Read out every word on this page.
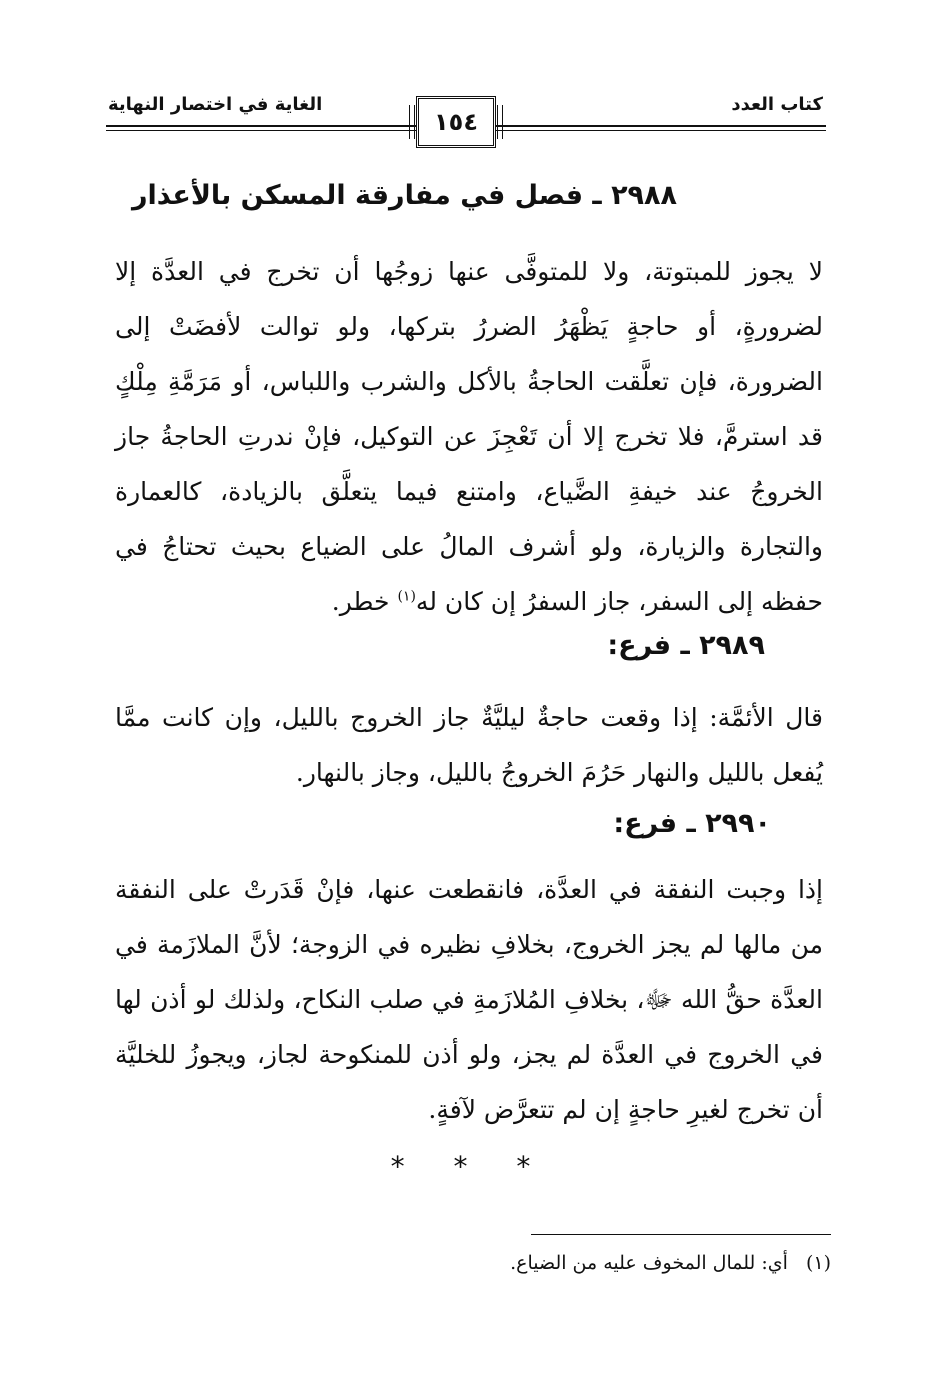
كتاب العدد
الغاية في اختصار النهاية
١٥٤
٢٩٨٨ ـ فصل في مفارقة المسكن بالأعذار

لا يجوز للمبتوتة، ولا للمتوفَّى عنها زوجُها أن تخرج في العدَّة إلا لضرورةٍ، أو حاجةٍ يَظْهَرُ الضررُ بتركها، ولو توالت لأفضَتْ إلى الضرورة، فإن تعلَّقت الحاجةُ بالأكل والشرب واللباس، أو مَرَمَّةِ مِلْكٍ قد استرمَّ، فلا تخرج إلا أن تَعْجِزَ عن التوكيل، فإنْ ندرتِ الحاجةُ جاز الخروجُ عند خيفةِ الضَّياع، وامتنع فيما يتعلَّق بالزيادة، كالعمارة والتجارة والزيارة، ولو أشرف المالُ على الضياع بحيث تحتاجُ في حفظه إلى السفر، جاز السفرُ إن كان له$^{(١)}$ خطر.

٢٩٨٩ ـ فرع:

قال الأئمَّة: إذا وقعت حاجةٌ ليليَّةٌ جاز الخروج بالليل، وإن كانت ممَّا يُفعل بالليل والنهار حَرُمَ الخروجُ بالليل، وجاز بالنهار.

٢٩٩٠ ـ فرع:

إذا وجبت النفقة في العدَّة، فانقطعت عنها، فإنْ قَدَرتْ على النفقة من مالها لم يجز الخروج، بخلافِ نظيره في الزوجة؛ لأنَّ الملازَمة في العدَّة حقُّ الله ﷻ، بخلافِ المُلازَمةِ في صلب النكاح، ولذلك لو أذن لها في الخروج في العدَّة لم يجز، ولو أذن للمنكوحة لجاز، ويجوزُ للخليَّة أن تخرج لغيرِ حاجةٍ إن لم تتعرَّض لآفةٍ.

* * *
(١)أي: للمال المخوف عليه من الضياع.
